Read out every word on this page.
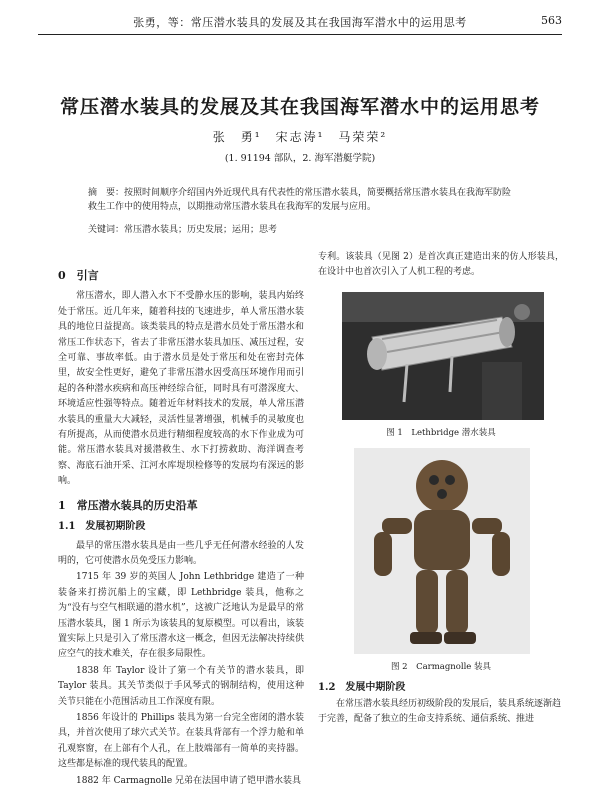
张勇，等：常压潜水装具的发展及其在我国海军潜水中的运用思考	563
常压潜水装具的发展及其在我国海军潜水中的运用思考
张　勇¹　宋志涛¹　马荣荣²
(1. 91194 部队，2. 海军潜艇学院)
摘　要：按照时间顺序介绍国内外近现代具有代表性的常压潜水装具，简要概括常压潜水装具在我海军防险救生工作中的使用特点，以期推动常压潜水装具在我海军的发展与应用。
关键词：常压潜水装具；历史发展；运用；思考
0　引言

常压潜水，即人潜入水下不受静水压的影响，装具内始终处于常压。近几年来，随着科技的飞速进步，单人常压潜水装具的地位日益提高。该类装具的特点是潜水员处于常压潜水和常压工作状态下，省去了非常压潜水装具加压、减压过程，安全可靠、事故率低。由于潜水员是处于常压和处在密封壳体里，故安全性更好，避免了非常压潜水因受高压环境作用而引起的各种潜水疾病和高压神经综合征，同时具有可潜深度大、环境适应性强等特点。随着近年材料技术的发展，单人常压潜水装具的重量大大减轻，灵活性显著增强，机械手的灵敏度也有所提高，从而使潜水员进行精细程度较高的水下作业成为可能。常压潜水装具对援潜救生、水下打捞救助、海洋调查考察、海底石油开采、江河水库堤坝检修等的发展均有深远的影响。

1　常压潜水装具的历史沿革
1.1　发展初期阶段

最早的常压潜水装具是由一些几乎无任何潜水经验的人发明的，它可使潜水员免受压力影响。

1715 年 39 岁的英国人 John Lethbridge 建造了一种装备来打捞沉船上的宝藏，即 Lethbridge 装具，他称之为“没有与空气相联通的潜水机”，这被广泛地认为是最早的常压潜水装具，图 1 所示为该装具的复原模型。可以看出，该装置实际上只是引入了常压潜水这一概念，但因无法解决持续供应空气的技术难关，存在很多局限性。

1838 年 Taylor 设计了第一个有关节的潜水装具，即 Taylor 装具。其关节类似于手风琴式的钢制结构，使用这种关节只能在小范围活动且工作深度有限。

1856 年设计的 Phillips 装具为第一台完全密闭的潜水装具，并首次使用了球穴式关节。在装具背部有一个浮力舱和单孔观察窗，在上部有个人孔，在上肢端部有一简单的夹持器。这些都是标准的现代装具的配置。

1882 年 Carmagnolle 兄弟在法国申请了铠甲潜水装具

专利。该装具（见图 2）是首次真正建造出来的仿人形装具，在设计中也首次引入了人机工程的考虑。

图 1　Lethbridge 潜水装具
图 2　Carmagnolle 装具
1.2　发展中期阶段

在常压潜水装具经历初级阶段的发展后，装具系统逐渐趋于完善，配备了独立的生命支持系统、通信系统、推进
